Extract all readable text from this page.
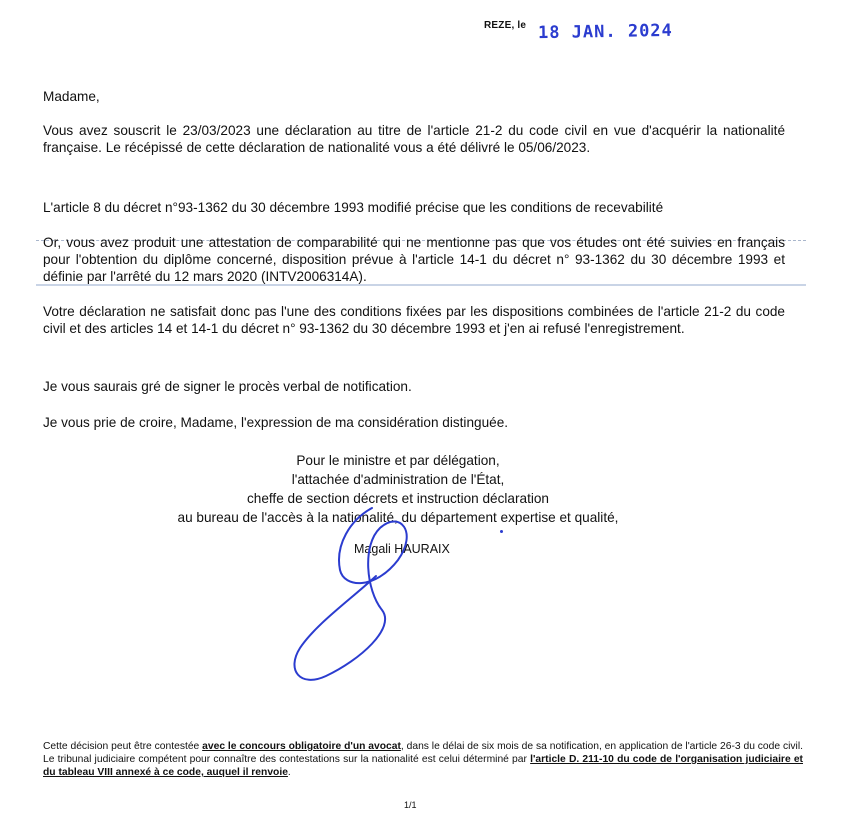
REZE, le 18 JAN. 2024
Madame,
Vous avez souscrit le 23/03/2023 une déclaration au titre de l'article 21-2 du code civil en vue d'acquérir la nationalité française. Le récépissé de cette déclaration de nationalité vous a été délivré le 05/06/2023.
L'article 8 du décret n°93-1362 du 30 décembre 1993 modifié précise que les conditions de recevabilité
Or, vous avez produit une attestation de comparabilité qui ne mentionne pas que vos études ont été suivies en français pour l'obtention du diplôme concerné, disposition prévue à l'article 14-1 du décret n° 93-1362 du 30 décembre 1993 et définie par l'arrêté du 12 mars 2020 (INTV2006314A).
Votre déclaration ne satisfait donc pas l'une des conditions fixées par les dispositions combinées de l'article 21-2 du code civil et des articles 14 et 14-1 du décret n° 93-1362 du 30 décembre 1993 et j'en ai refusé l'enregistrement.
Je vous saurais gré de signer le procès verbal de notification.
Je vous prie de croire, Madame, l'expression de ma considération distinguée.
Pour le ministre et par délégation,
l'attachée d'administration de l'État,
cheffe de section décrets et instruction déclaration
au bureau de l'accès à la nationalité, du département expertise et qualité,
Magali HAURAIX
Cette décision peut être contestée avec le concours obligatoire d'un avocat, dans le délai de six mois de sa notification, en application de l'article 26-3 du code civil. Le tribunal judiciaire compétent pour connaître des contestations sur la nationalité est celui déterminé par l'article D. 211-10 du code de l'organisation judiciaire et du tableau VIII annexé à ce code, auquel il renvoie.
1/1
